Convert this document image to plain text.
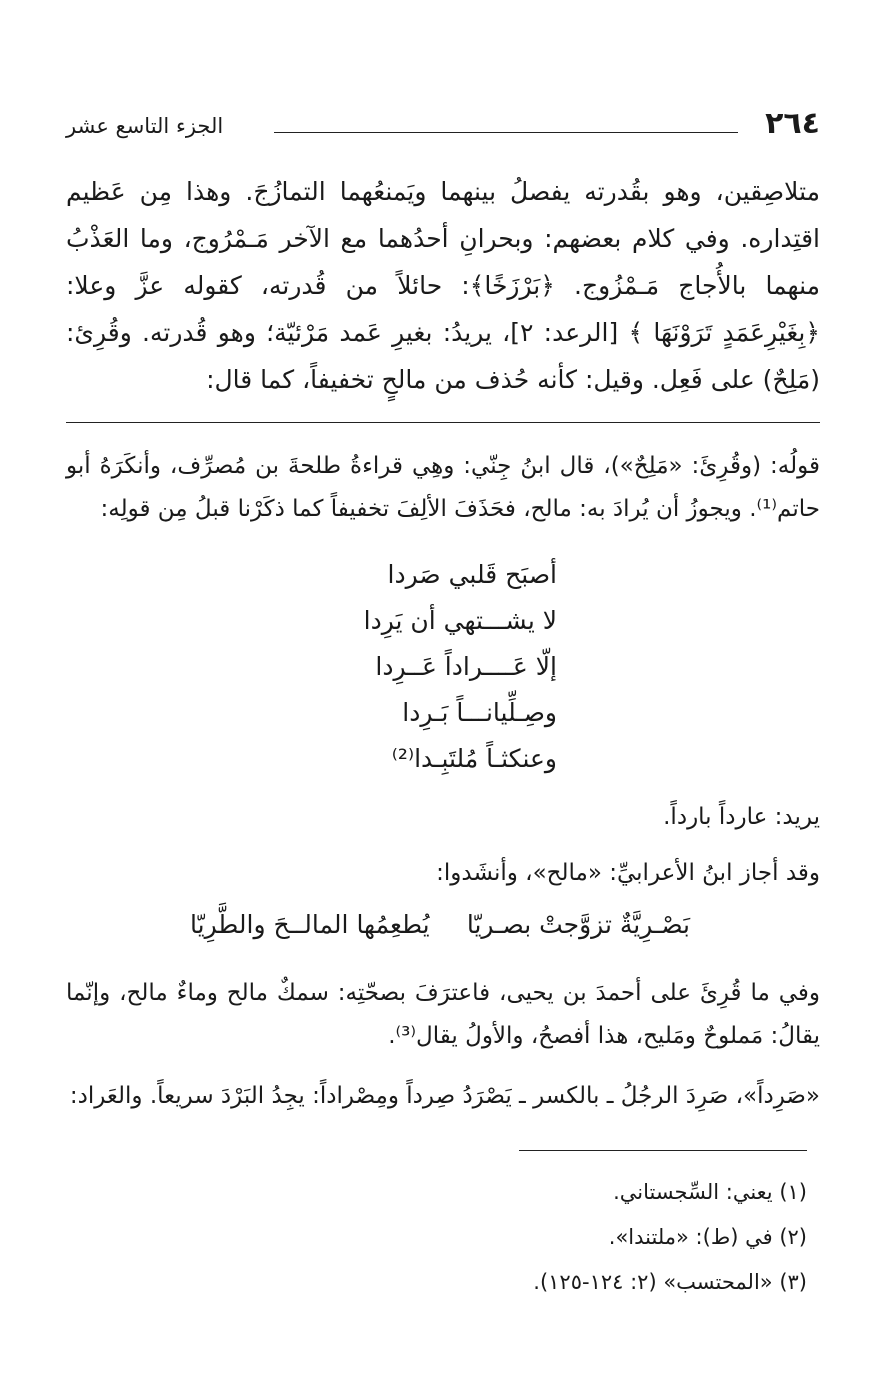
٢٦٤
الجزء التاسع عشر

متلاصِقين، وهو بقُدرته يفصلُ بينهما ويَمنعُهما التمازُجَ. وهذا مِن عَظيم اقتِداره. وفي كلام بعضهم: وبحرانِ أحدُهما مع الآخر مَـمْرُوج، وما العَذْبُ منهما بالأُجاج مَـمْزُوج. ﴿بَرْزَخًا﴾: حائلاً من قُدرته، كقوله عزَّ وعلا: ﴿بِغَيْرِعَمَدٍ تَرَوْنَهَا ﴾ [الرعد: ٢]، يريدُ: بغيرِ عَمد مَرْئيّة؛ وهو قُدرته. وقُرِئ: (مَلِحٌ) على فَعِل. وقيل: كأنه حُذف من مالحٍ تخفيفاً، كما قال:

قولُه: (وقُرِئَ: «مَلِحٌ»)، قال ابنُ جِنّي: وهِي قراءةُ طلحةَ بن مُصرِّف، وأنكَرَهُ أبو حاتم⁽¹⁾. ويجوزُ أن يُرادَ به: مالح، فحَذَفَ الألِفَ تخفيفاً كما ذكَرْنا قبلُ مِن قولِه:

أصبَح قَلبي صَردا
لا يشـــتهي أن يَرِدا
إلّا عَــــراداً عَــرِدا
وصِـلِّيانـــاً بَـرِدا
وعنكثـاً مُلتَبِـدا⁽²⁾
يريد: عارداً بارداً.
وقد أجاز ابنُ الأعرابيِّ: «مالح»، وأنشَدوا:
بَصْـرِيَّةٌ تزوَّجتْ بصـريّا
يُطعِمُها المالــحَ والطَّرِيّا
وفي ما قُرِئَ على أحمدَ بن يحيى، فاعترَفَ بصحّتِه: سمكٌ مالح وماءٌ مالح، وإنّما يقالُ: مَملوحٌ ومَليح، هذا أفصحُ، والأولُ يقال⁽³⁾.
«صَرِداً»، صَرِدَ الرجُلُ ـ بالكسر ـ يَصْرَدُ صِرداً ومِصْراداً: يجِدُ البَرْدَ سريعاً. والعَراد:
(١) يعني: السِّجستاني.
(٢) في (ط): «ملتندا».
(٣) «المحتسب» (٢: ١٢٤-١٢٥).
